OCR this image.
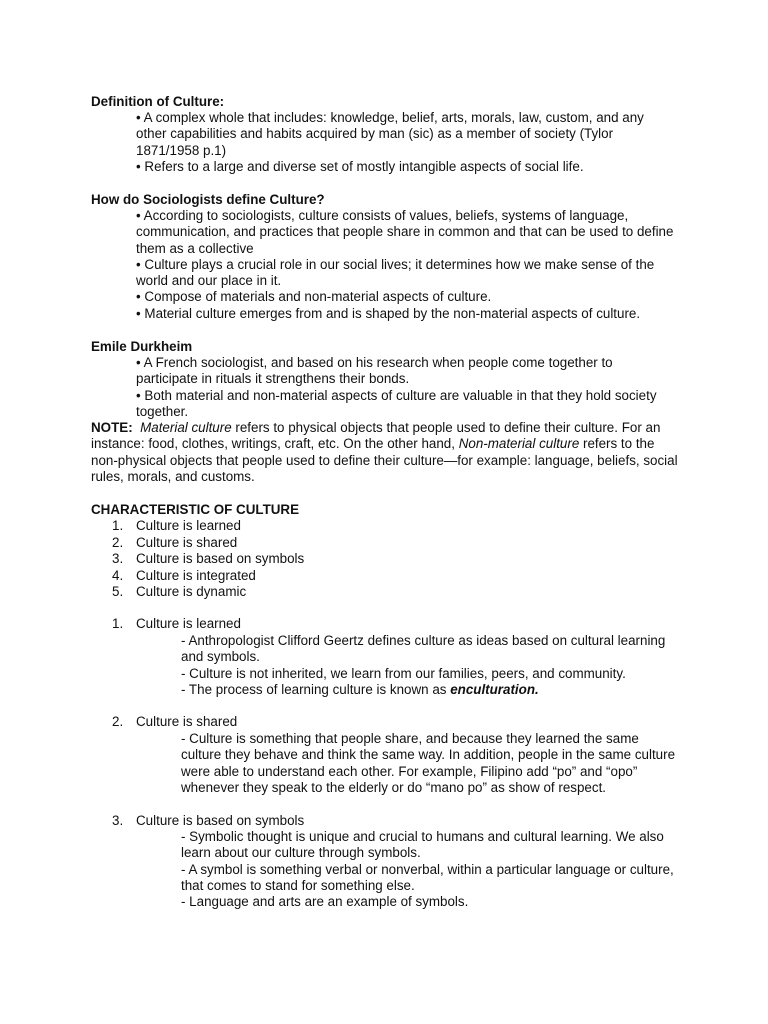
Definition of Culture:

• A complex whole that includes: knowledge, belief, arts, morals, law, custom, and any other capabilities and habits acquired by man (sic) as a member of society (Tylor 1871/1958 p.1)

• Refers to a large and diverse set of mostly intangible aspects of social life.

How do Sociologists define Culture?

• According to sociologists, culture consists of values, beliefs, systems of language, communication, and practices that people share in common and that can be used to define them as a collective

• Culture plays a crucial role in our social lives; it determines how we make sense of the world and our place in it.

• Compose of materials and non-material aspects of culture.

• Material culture emerges from and is shaped by the non-material aspects of culture.

Emile Durkheim

• A French sociologist, and based on his research when people come together to participate in rituals it strengthens their bonds.

• Both material and non-material aspects of culture are valuable in that they hold society together.

NOTE: Material culture refers to physical objects that people used to define their culture. For an instance: food, clothes, writings, craft, etc. On the other hand, Non-material culture refers to the non-physical objects that people used to define their culture—for example: language, beliefs, social rules, morals, and customs.

CHARACTERISTIC OF CULTURE
1. Culture is learned
2. Culture is shared
3. Culture is based on symbols
4. Culture is integrated
5. Culture is dynamic
1. Culture is learned

- Anthropologist Clifford Geertz defines culture as ideas based on cultural learning and symbols.

- Culture is not inherited, we learn from our families, peers, and community.

- The process of learning culture is known as enculturation.

2. Culture is shared

- Culture is something that people share, and because they learned the same culture they behave and think the same way. In addition, people in the same culture were able to understand each other. For example, Filipino add “po” and “opo” whenever they speak to the elderly or do “mano po” as show of respect.

3. Culture is based on symbols

- Symbolic thought is unique and crucial to humans and cultural learning. We also learn about our culture through symbols.

- A symbol is something verbal or nonverbal, within a particular language or culture, that comes to stand for something else.

- Language and arts are an example of symbols.
